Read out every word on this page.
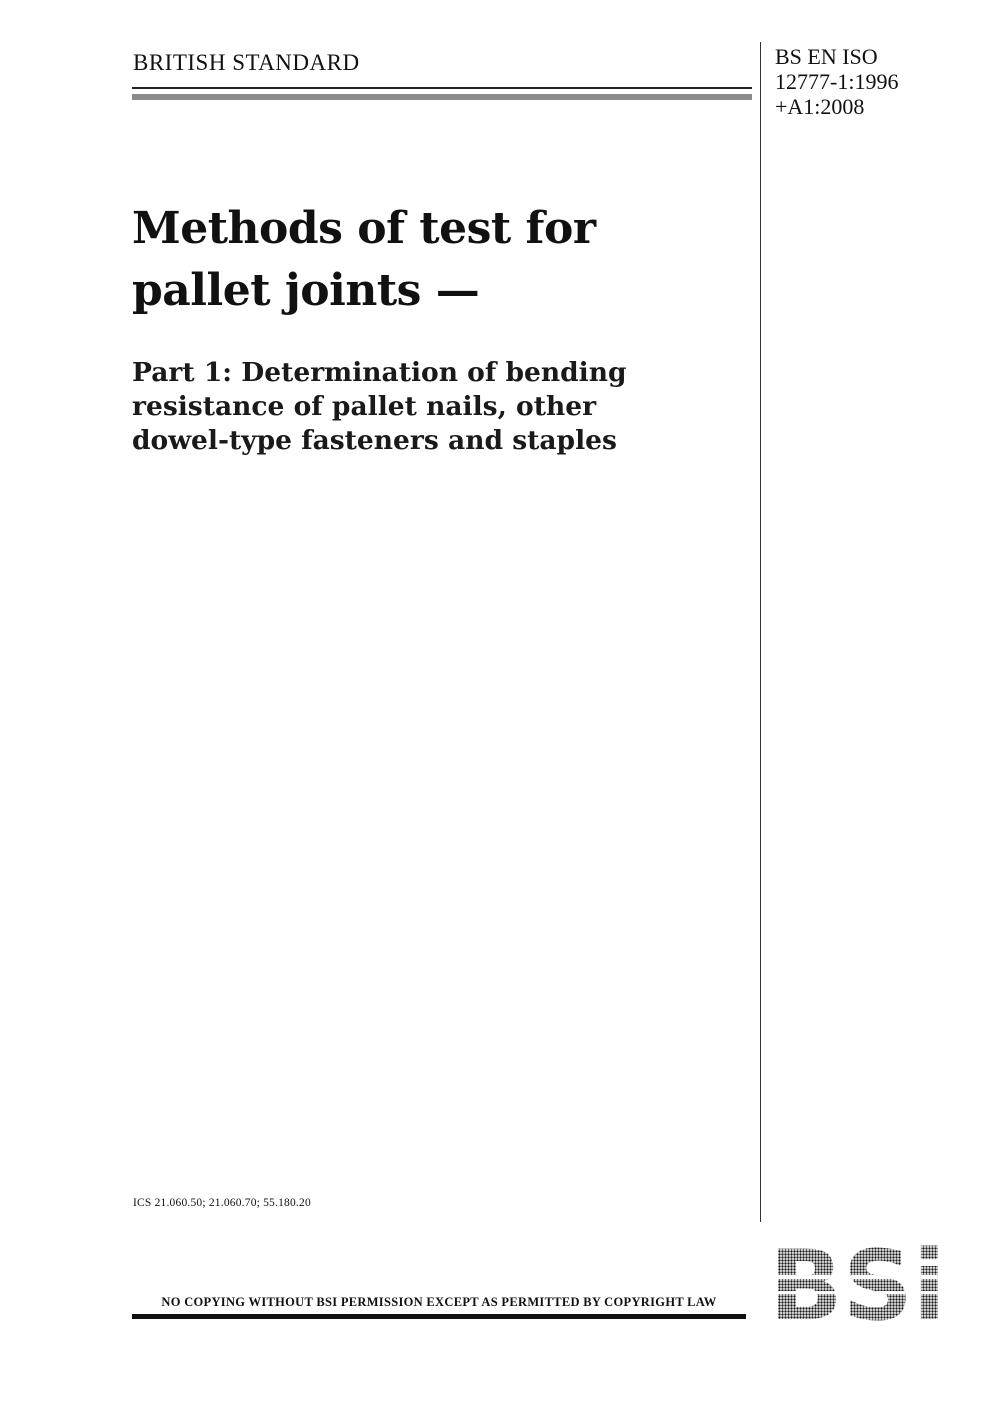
BRITISH STANDARD	BS EN ISO
12777-1:1996
+A1:2008
Methods of test for
pallet joints —
Part 1: Determination of bending
resistance of pallet nails, other
dowel-type fasteners and staples
ICS 21.060.50; 21.060.70; 55.180.20
NO COPYING WITHOUT BSI PERMISSION EXCEPT AS PERMITTED BY COPYRIGHT LAW
